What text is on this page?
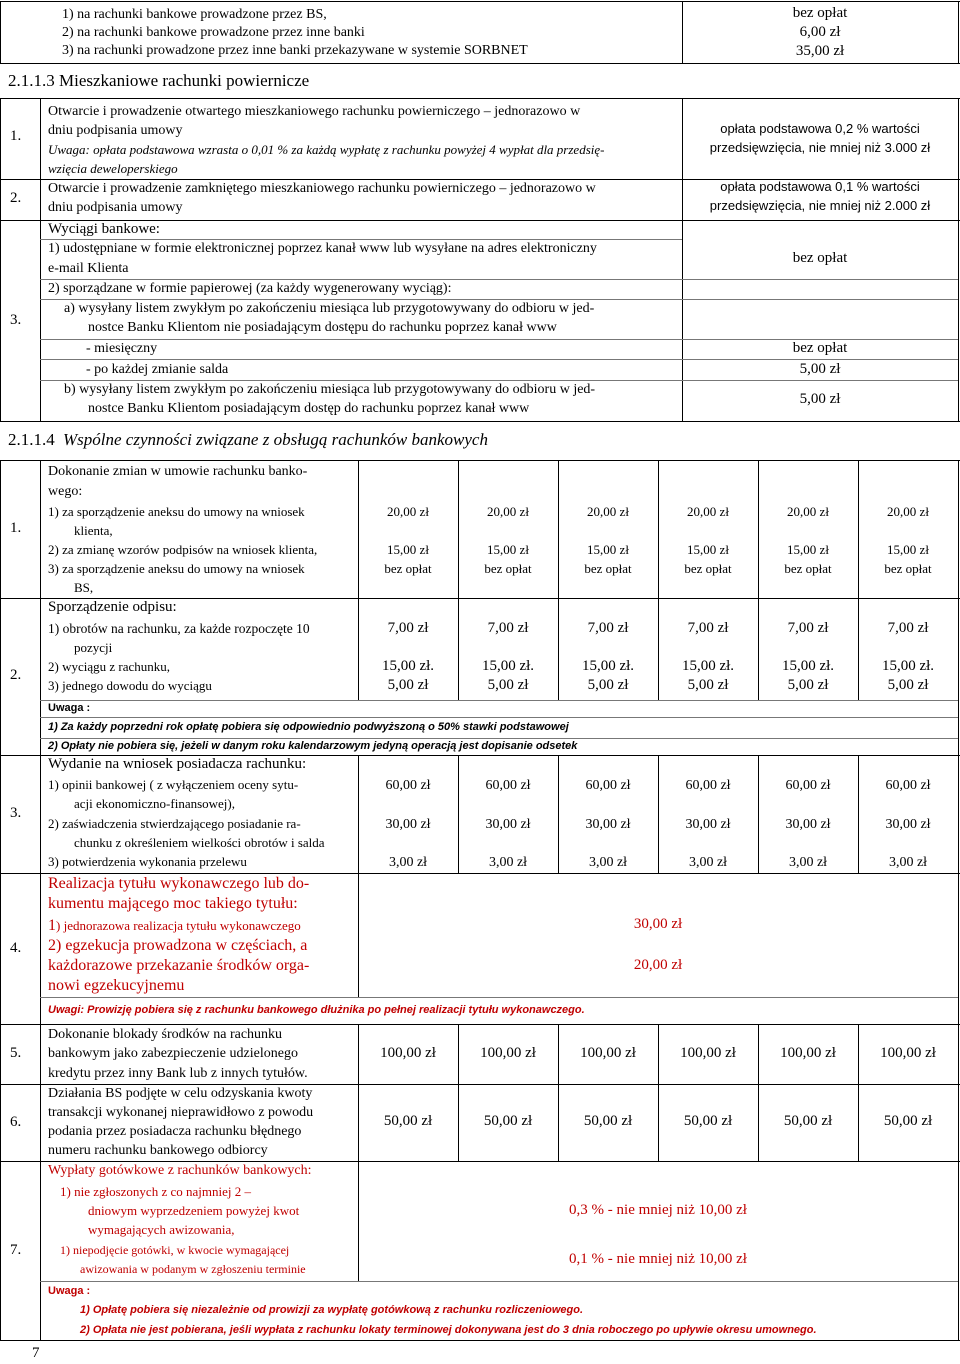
1) na rachunki bankowe prowadzone przez BS,
2) na rachunki bankowe prowadzone przez inne banki
3) na rachunki prowadzone przez inne banki przekazywane w systemie SORBNET
bez opłat
6,00 zł
35,00 zł
2.1.1.3 Mieszkaniowe rachunki powiernicze
1.
Otwarcie i prowadzenie otwartego mieszkaniowego rachunku powierniczego – jednorazowo w
dniu podpisania umowy
Uwaga: opłata podstawowa wzrasta o 0,01 % za każdą wypłatę z rachunku powyżej 4 wypłat dla przedsię-
wzięcia deweloperskiego
opłata podstawowa 0,2 % wartości
przedsięwzięcia, nie mniej niż 3.000 zł
2.
Otwarcie i prowadzenie zamkniętego mieszkaniowego rachunku powierniczego – jednorazowo w
dniu podpisania umowy
opłata podstawowa 0,1 % wartości
przedsięwzięcia, nie mniej niż 2.000 zł
3.
Wyciągi bankowe:
1) udostępniane w formie elektronicznej poprzez kanał www lub wysyłane na adres elektroniczny
e-mail Klienta
bez opłat
2) sporządzane w formie papierowej (za każdy wygenerowany wyciąg):
a) wysyłany listem zwykłym po zakończeniu miesiąca lub przygotowywany do odbioru w jed-
nostce Banku Klientom nie posiadającym dostępu do rachunku poprzez kanał www
- miesięczny	bez opłat
- po każdej zmianie salda	5,00 zł
b) wysyłany listem zwykłym po zakończeniu miesiąca lub przygotowywany do odbioru w jed-
nostce Banku Klientom posiadającym dostęp do rachunku poprzez kanał www
5,00 zł
2.1.1.4 Wspólne czynności związane z obsługą rachunków bankowych
1.
Dokonanie zmian w umowie rachunku banko-
wego:
1) za sporządzenie aneksu do umowy na wniosek
klienta,
2) za zmianę wzorów podpisów na wniosek klienta,
3) za sporządzenie aneksu do umowy na wniosek
BS,
20,00 zł	20,00 zł	20,00 zł	20,00 zł	20,00 zł	20,00 zł
15,00 zł	15,00 zł	15,00 zł	15,00 zł	15,00 zł	15,00 zł
bez opłat	bez opłat	bez opłat	bez opłat	bez opłat	bez opłat
2.
Sporządzenie odpisu:
1) obrotów na rachunku, za każde rozpoczęte 10
pozycji
2) wyciągu z rachunku,
3) jednego dowodu do wyciągu
7,00 zł	7,00 zł	7,00 zł	7,00 zł	7,00 zł	7,00 zł
15,00 zł.	15,00 zł.	15,00 zł.	15,00 zł.	15,00 zł.	15,00 zł.
5,00 zł	5,00 zł	5,00 zł	5,00 zł	5,00 zł	5,00 zł
Uwaga :
1) Za każdy poprzedni rok opłatę pobiera się odpowiednio podwyższoną o 50% stawki podstawowej
2) Opłaty nie pobiera się, jeżeli w danym roku kalendarzowym jedyną operacją jest dopisanie odsetek
3.
Wydanie na wniosek posiadacza rachunku:
1) opinii bankowej ( z wyłączeniem oceny sytu-
acji ekonomiczno-finansowej),
2) zaświadczenia stwierdzającego posiadanie ra-
chunku z określeniem wielkości obrotów i salda
3) potwierdzenia wykonania przelewu
60,00 zł	60,00 zł	60,00 zł	60,00 zł	60,00 zł	60,00 zł
30,00 zł	30,00 zł	30,00 zł	30,00 zł	30,00 zł	30,00 zł
3,00 zł	3,00 zł	3,00 zł	3,00 zł	3,00 zł	3,00 zł
4.
Realizacja tytułu wykonawczego lub do-
kumentu mającego moc takiego tytułu:
1) jednorazowa realizacja tytułu wykonawczego	30,00 zł
2) egzekucja prowadzona w częściach, a
każdorazowe przekazanie środków orga-
nowi egzekucyjnemu
20,00 zł
Uwagi: Prowizję pobiera się z rachunku bankowego dłużnika po pełnej realizacji tytułu wykonawczego.
5.
Dokonanie blokady środków na rachunku
bankowym jako zabezpieczenie udzielonego
kredytu przez inny Bank lub z innych tytułów.
100,00 zł	100,00 zł	100,00 zł	100,00 zł	100,00 zł	100,00 zł
6.
Działania BS podjęte w celu odzyskania kwoty
transakcji wykonanej nieprawidłowo z powodu
podania przez posiadacza rachunku błędnego
numeru rachunku bankowego odbiorcy
50,00 zł	50,00 zł	50,00 zł	50,00 zł	50,00 zł	50,00 zł
7.
Wypłaty gotówkowe z rachunków bankowych:
1) nie zgłoszonych z co najmniej 2 –
dniowym wyprzedzeniem powyżej kwot
wymagających awizowania,
0,3 % - nie mniej niż 10,00 zł
1) niepodjęcie gotówki, w kwocie wymagającej
awizowania w podanym w zgłoszeniu terminie
0,1 % - nie mniej niż 10,00 zł
Uwaga :
1) Opłatę pobiera się niezależnie od prowizji za wypłatę gotówkową z rachunku rozliczeniowego.
2) Opłata nie jest pobierana, jeśli wypłata z rachunku lokaty terminowej dokonywana jest do 3 dnia roboczego po upływie okresu umownego.
7
